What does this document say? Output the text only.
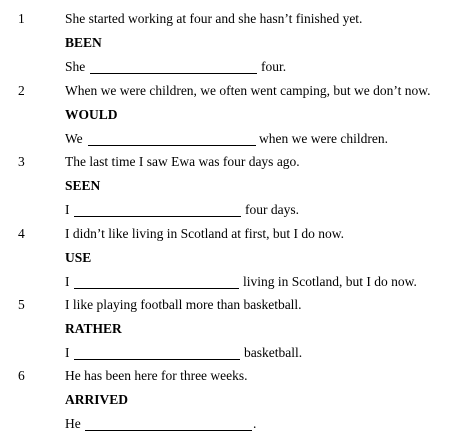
1	She started working at four and she hasn’t finished yet.
BEEN
She	four.
2	When we were children, we often went camping, but we don’t now.
WOULD
We	when we were children.
3	The last time I saw Ewa was four days ago.
SEEN
I	four days.
4	I didn’t like living in Scotland at first, but I do now.
USE
I	living in Scotland, but I do now.
5	I like playing football more than basketball.
RATHER
I	basketball.
6	He has been here for three weeks.
ARRIVED
He	.
